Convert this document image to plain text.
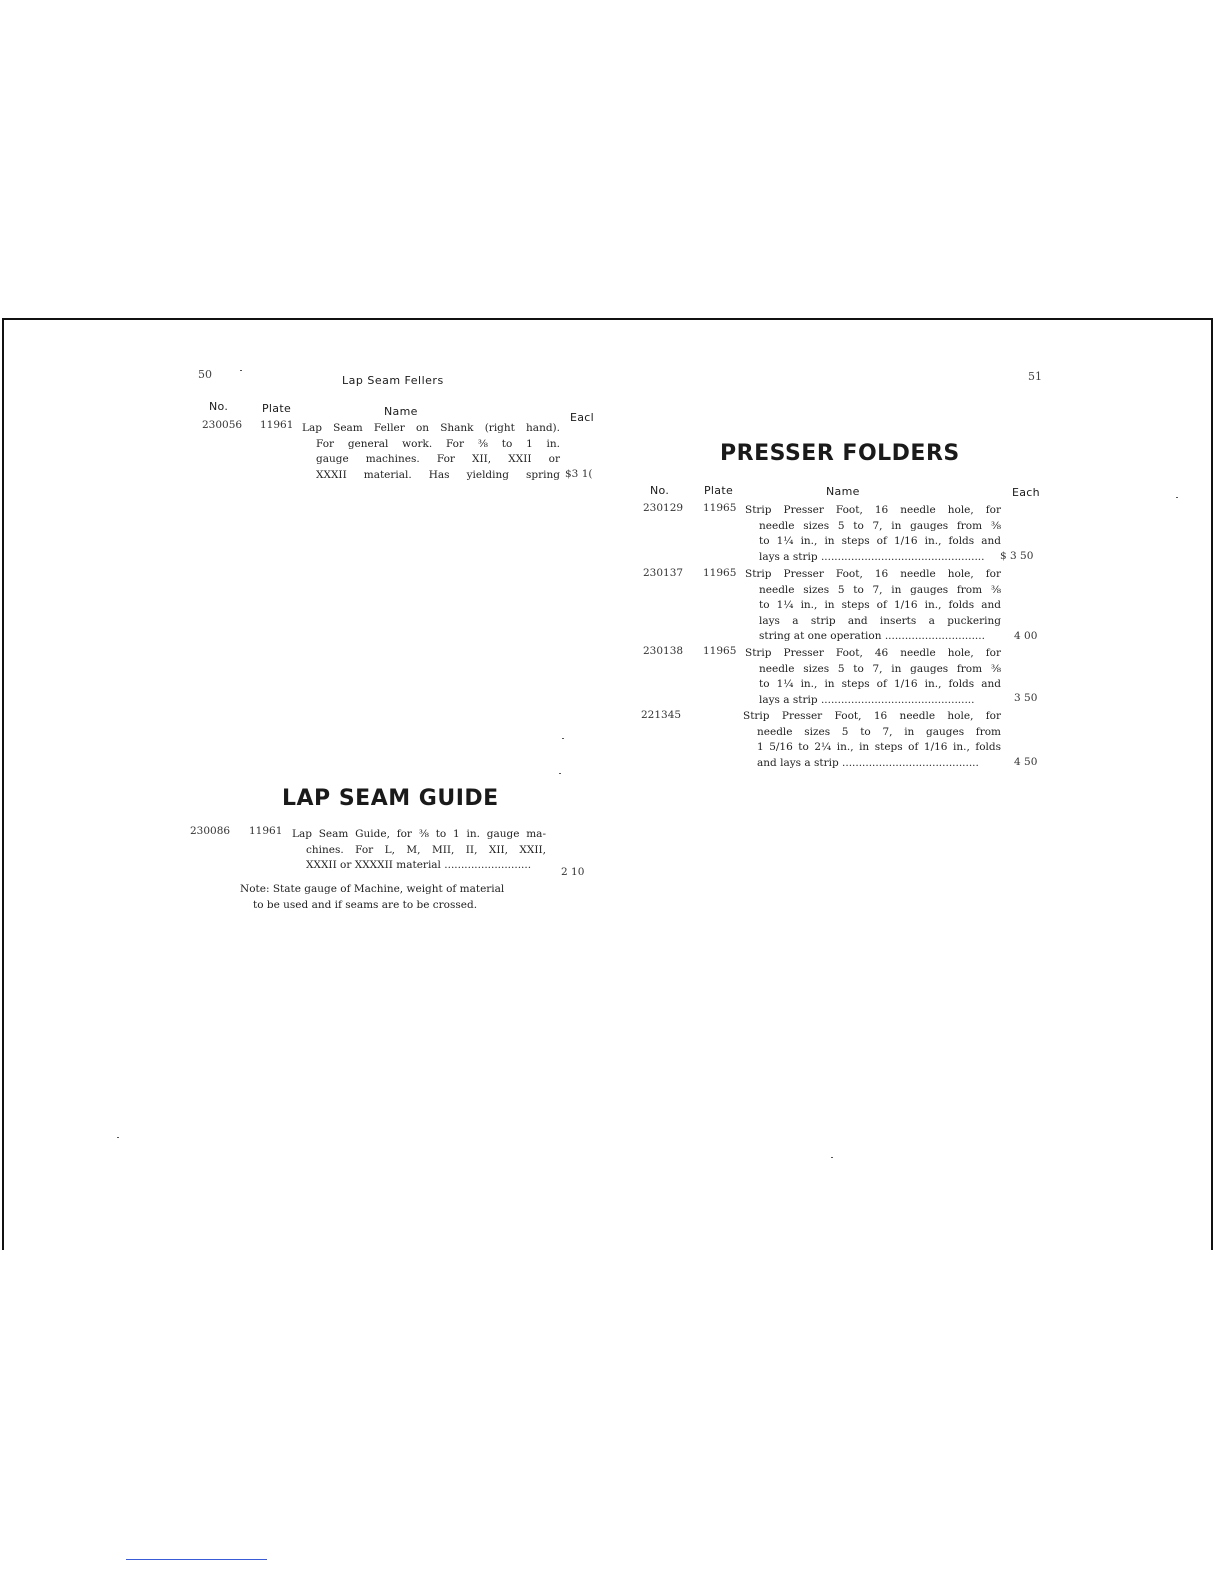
50	Lap Seam Fellers
No.	Plate	Name	Eacl
230056 11961 Lap Seam Feller on Shank (right hand).
For general work. For ⅜ to 1 in.
gauge machines. For XII, XXII or
XXXII material. Has yielding spring $3 1(
LAP SEAM GUIDE
230086 11961 Lap Seam Guide, for ⅜ to 1 in. gauge ma-
chines. For L, M, MII, II, XII, XXII,
XXXII or XXXXII material ..........................
2 10
Note: State gauge of Machine, weight of material
to be used and if seams are to be crossed.
51
PRESSER FOLDERS
No.	Plate	Name	Each
230129 11965 Strip Presser Foot, 16 needle hole, for
needle sizes 5 to 7, in gauges from ⅜
to 1¼ in., in steps of 1/16 in., folds and
lays a strip .................................................	$ 3 50
230137 11965 Strip Presser Foot, 16 needle hole, for
needle sizes 5 to 7, in gauges from ⅜
to 1¼ in., in steps of 1/16 in., folds and
lays a strip and inserts a puckering
string at one operation ..............................	4 00
230138 11965 Strip Presser Foot, 46 needle hole, for
needle sizes 5 to 7, in gauges from ⅜
to 1¼ in., in steps of 1/16 in., folds and
lays a strip ..............................................	3 50
221345	Strip Presser Foot, 16 needle hole, for
needle sizes 5 to 7, in gauges from
1 5/16 to 2¼ in., in steps of 1/16 in., folds
and lays a strip .........................................	4 50
